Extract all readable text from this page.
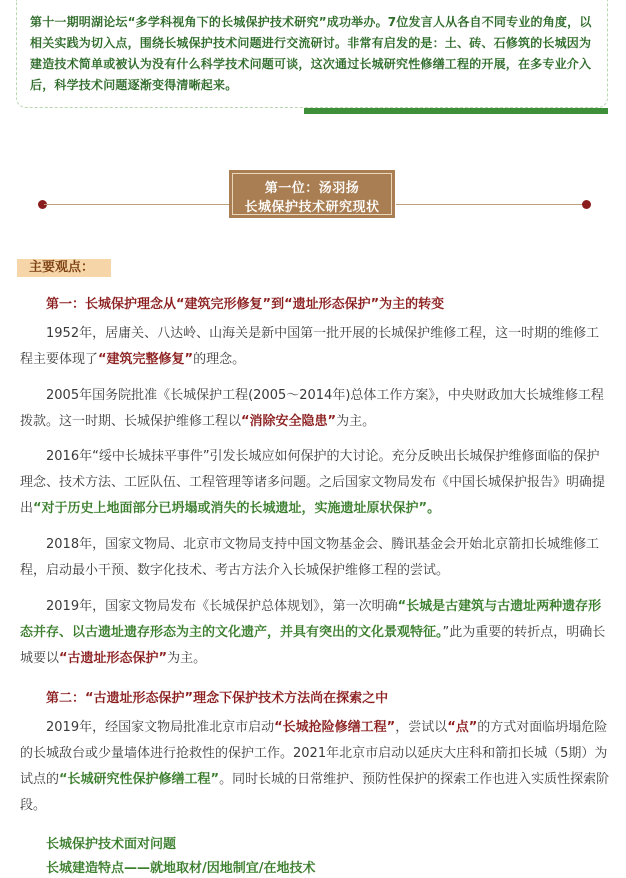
第十一期明湖论坛“多学科视角下的长城保护技术研究”成功举办。7位发言人从各自不同专业的角度，以相关实践为切入点，围绕长城保护技术问题进行交流研讨。非常有启发的是：土、砖、石修筑的长城因为建造技术简单或被认为没有什么科学技术问题可谈，这次通过长城研究性修缮工程的开展，在多专业介入后，科学技术问题逐渐变得清晰起来。
第一位：汤羽扬
长城保护技术研究现状
主要观点：
第一：长城保护理念从“建筑完形修复”到“遗址形态保护”为主的转变
1952年，居庸关、八达岭、山海关是新中国第一批开展的长城保护维修工程，这一时期的维修工程主要体现了“建筑完整修复”的理念。
2005年国务院批准《长城保护工程(2005～2014年)总体工作方案》，中央财政加大长城维修工程拨款。这一时期、长城保护维修工程以“消除安全隐患”为主。
2016年“绥中长城抹平事件”引发长城应如何保护的大讨论。充分反映出长城保护维修面临的保护理念、技术方法、工匠队伍、工程管理等诸多问题。之后国家文物局发布《中国长城保护报告》明确提出“对于历史上地面部分已坍塌或消失的长城遗址，实施遗址原状保护”。
2018年，国家文物局、北京市文物局支持中国文物基金会、腾讯基金会开始北京箭扣长城维修工程，启动最小干预、数字化技术、考古方法介入长城保护维修工程的尝试。
2019年，国家文物局发布《长城保护总体规划》，第一次明确“长城是古建筑与古遗址两种遗存形态并存、以古遗址遗存形态为主的文化遗产，并具有突出的文化景观特征。”此为重要的转折点，明确长城要以“古遗址形态保护”为主。
第二：“古遗址形态保护”理念下保护技术方法尚在探索之中
2019年，经国家文物局批准北京市启动“长城抢险修缮工程”，尝试以“点”的方式对面临坍塌危险的长城敌台或少量墙体进行抢救性的保护工作。2021年北京市启动以延庆大庄科和箭扣长城（5期）为试点的“长城研究性保护修缮工程”。同时长城的日常维护、预防性保护的探索工作也进入实质性探索阶段。
长城保护技术面对问题
长城建造特点——就地取材/因地制宜/在地技术
